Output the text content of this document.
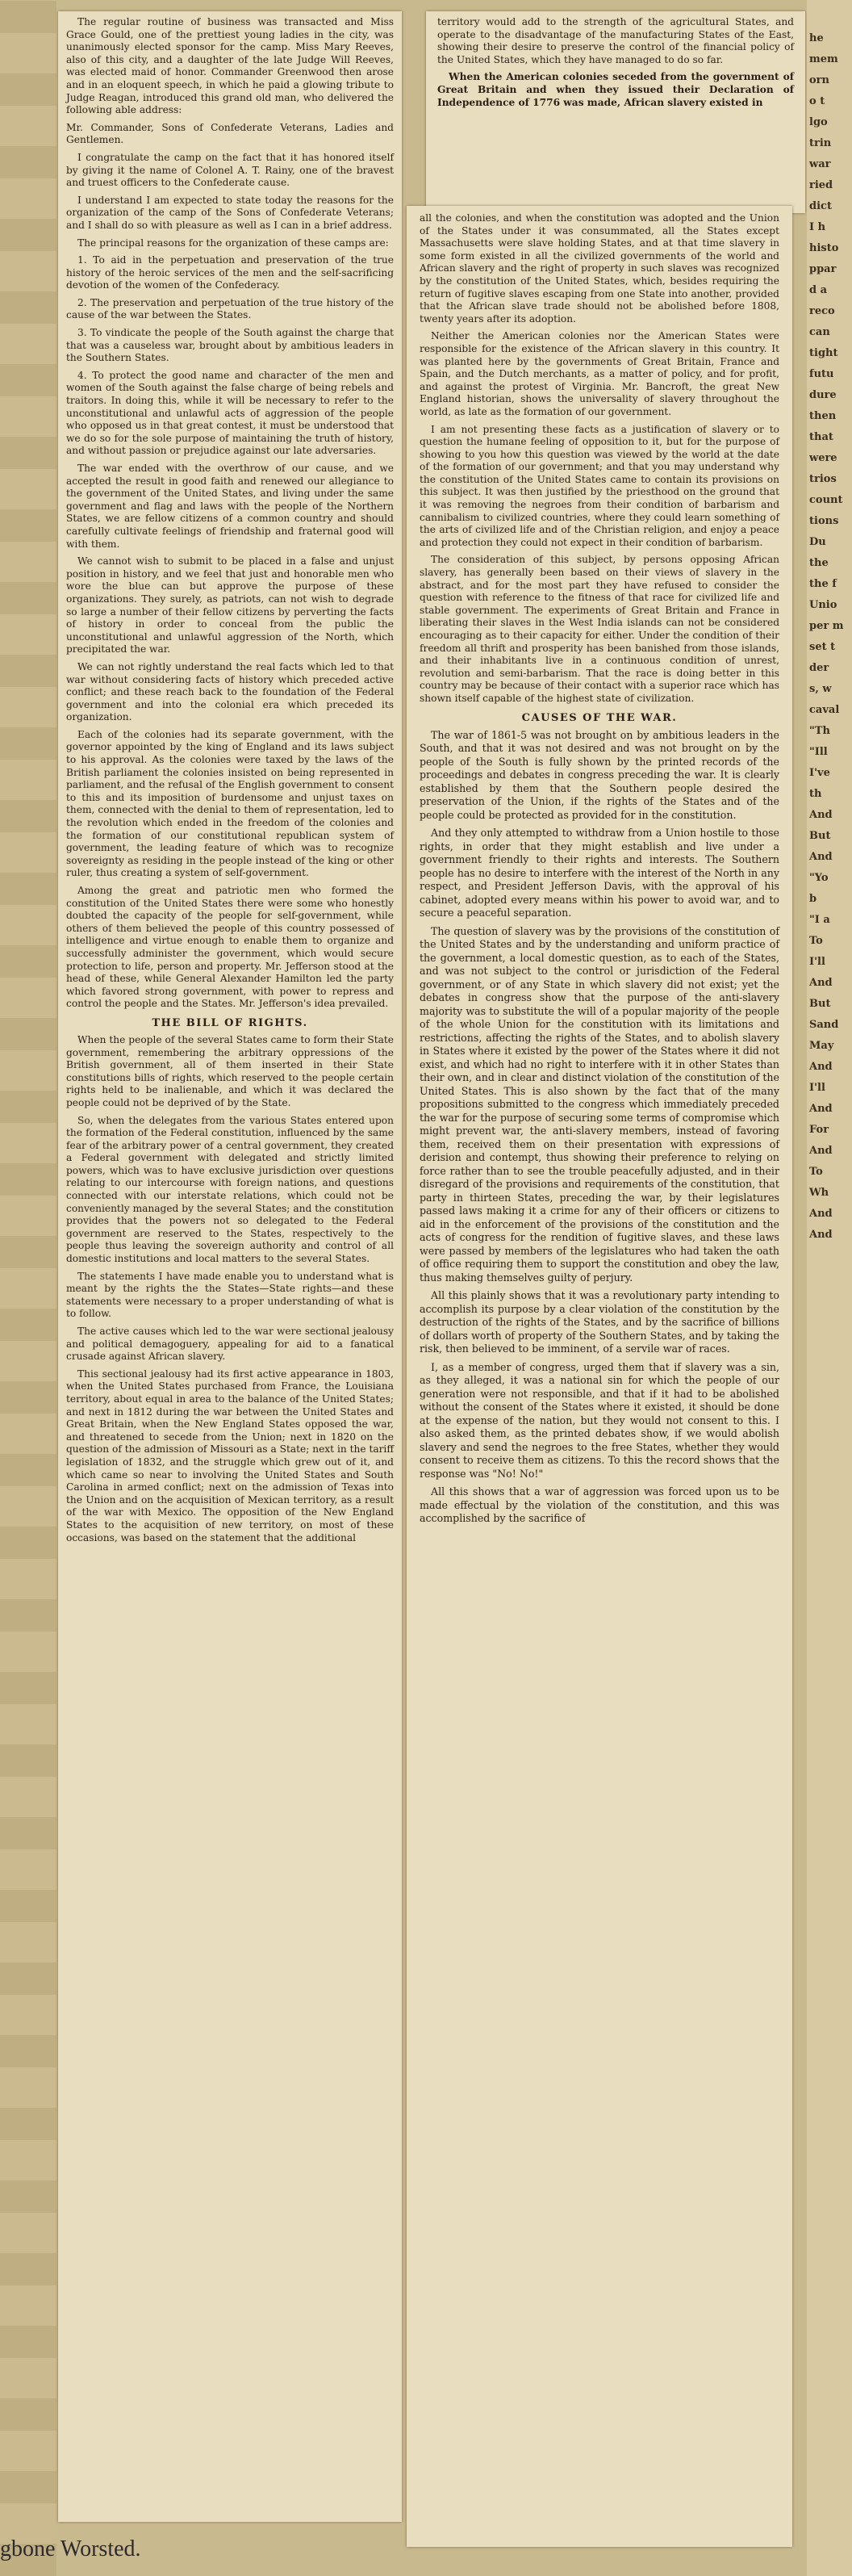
The regular routine of business was transacted and Miss Grace Gould, one of the prettiest young ladies in the city, was unanimously elected sponsor for the camp. Miss Mary Reeves, also of this city, and a daughter of the late Judge Will Reeves, was elected maid of honor. Commander Greenwood then arose and in an eloquent speech, in which he paid a glowing tribute to Judge Reagan, introduced this grand old man, who delivered the following able address:

Mr. Commander, Sons of Confederate Veterans, Ladies and Gentlemen.

I congratulate the camp on the fact that it has honored itself by giving it the name of Colonel A. T. Rainy, one of the bravest and truest officers to the Confederate cause.

I understand I am expected to state today the reasons for the organization of the camp of the Sons of Confederate Veterans; and I shall do so with pleasure as well as I can in a brief address.

The principal reasons for the organization of these camps are:

1. To aid in the perpetuation and preservation of the true history of the heroic services of the men and the self-sacrificing devotion of the women of the Confederacy.

2. The preservation and perpetuation of the true history of the cause of the war between the States.

3. To vindicate the people of the South against the charge that that was a causeless war, brought about by ambitious leaders in the Southern States.

4. To protect the good name and character of the men and women of the South against the false charge of being rebels and traitors. In doing this, while it will be necessary to refer to the unconstitutional and unlawful acts of aggression of the people who opposed us in that great contest, it must be understood that we do so for the sole purpose of maintaining the truth of history, and without passion or prejudice against our late adversaries.

The war ended with the overthrow of our cause, and we accepted the result in good faith and renewed our allegiance to the government of the United States, and living under the same government and flag and laws with the people of the Northern States, we are fellow citizens of a common country and should carefully cultivate feelings of friendship and fraternal good will with them.

We cannot wish to submit to be placed in a false and unjust position in history, and we feel that just and honorable men who wore the blue can but approve the purpose of these organizations. They surely, as patriots, can not wish to degrade so large a number of their fellow citizens by perverting the facts of history in order to conceal from the public the unconstitutional and unlawful aggression of the North, which precipitated the war.

We can not rightly understand the real facts which led to that war without considering facts of history which preceded active conflict; and these reach back to the foundation of the Federal government and into the colonial era which preceded its organization.

Each of the colonies had its separate government, with the governor appointed by the king of England and its laws subject to his approval. As the colonies were taxed by the laws of the British parliament the colonies insisted on being represented in parliament, and the refusal of the English government to consent to this and its imposition of burdensome and unjust taxes on them, connected with the denial to them of representation, led to the revolution which ended in the freedom of the colonies and the formation of our constitutional republican system of government, the leading feature of which was to recognize sovereignty as residing in the people instead of the king or other ruler, thus creating a system of self-government.

Among the great and patriotic men who formed the constitution of the United States there were some who honestly doubted the capacity of the people for self-government, while others of them believed the people of this country possessed of intelligence and virtue enough to enable them to organize and successfully administer the government, which would secure protection to life, person and property. Mr. Jefferson stood at the head of these, while General Alexander Hamilton led the party which favored strong government, with power to repress and control the people and the States. Mr. Jefferson's idea prevailed.

THE BILL OF RIGHTS.

When the people of the several States came to form their State government, remembering the arbitrary oppressions of the British government, all of them inserted in their State constitutions bills of rights, which reserved to the people certain rights held to be inalienable, and which it was declared the people could not be deprived of by the State.

So, when the delegates from the various States entered upon the formation of the Federal constitution, influenced by the same fear of the arbitrary power of a central government, they created a Federal government with delegated and strictly limited powers, which was to have exclusive jurisdiction over questions relating to our intercourse with foreign nations, and questions connected with our interstate relations, which could not be conveniently managed by the several States; and the constitution provides that the powers not so delegated to the Federal government are reserved to the States, respectively to the people thus leaving the sovereign authority and control of all domestic institutions and local matters to the several States.

The statements I have made enable you to understand what is meant by the rights the the States—State rights—and these statements were necessary to a proper understanding of what is to follow.

The active causes which led to the war were sectional jealousy and political demagoguery, appealing for aid to a fanatical crusade against African slavery.

This sectional jealousy had its first active appearance in 1803, when the United States purchased from France, the Louisiana territory, about equal in area to the balance of the United States; and next in 1812 during the war between the United States and Great Britain, when the New England States opposed the war, and threatened to secede from the Union; next in 1820 on the question of the admission of Missouri as a State; next in the tariff legislation of 1832, and the struggle which grew out of it, and which came so near to involving the United States and South Carolina in armed conflict; next on the admission of Texas into the Union and on the acquisition of Mexican territory, as a result of the war with Mexico. The opposition of the New England States to the acquisition of new territory, on most of these occasions, was based on the statement that the additional

territory would add to the strength of the agricultural States, and operate to the disadvantage of the manufacturing States of the East, showing their desire to preserve the control of the financial policy of the United States, which they have managed to do so far.

When the American colonies seceded from the government of Great Britain and when they issued their Declaration of Independence of 1776 was made, African slavery existed in

all the colonies, and when the constitution was adopted and the Union of the States under it was consummated, all the States except Massachusetts were slave holding States, and at that time slavery in some form existed in all the civilized governments of the world and African slavery and the right of property in such slaves was recognized by the constitution of the United States, which, besides requiring the return of fugitive slaves escaping from one State into another, provided that the African slave trade should not be abolished before 1808, twenty years after its adoption.

Neither the American colonies nor the American States were responsible for the existence of the African slavery in this country. It was planted here by the governments of Great Britain, France and Spain, and the Dutch merchants, as a matter of policy, and for profit, and against the protest of Virginia. Mr. Bancroft, the great New England historian, shows the universality of slavery throughout the world, as late as the formation of our government.

I am not presenting these facts as a justification of slavery or to question the humane feeling of opposition to it, but for the purpose of showing to you how this question was viewed by the world at the date of the formation of our government; and that you may understand why the constitution of the United States came to contain its provisions on this subject. It was then justified by the priesthood on the ground that it was removing the negroes from their condition of barbarism and cannibalism to civilized countries, where they could learn something of the arts of civilized life and of the Christian religion, and enjoy a peace and protection they could not expect in their condition of barbarism.

The consideration of this subject, by persons opposing African slavery, has generally been based on their views of slavery in the abstract, and for the most part they have refused to consider the question with reference to the fitness of that race for civilized life and stable government. The experiments of Great Britain and France in liberating their slaves in the West India islands can not be considered encouraging as to their capacity for either. Under the condition of their freedom all thrift and prosperity has been banished from those islands, and their inhabitants live in a continuous condition of unrest, revolution and semi-barbarism. That the race is doing better in this country may be because of their contact with a superior race which has shown itself capable of the highest state of civilization.

CAUSES OF THE WAR.

The war of 1861-5 was not brought on by ambitious leaders in the South, and that it was not desired and was not brought on by the people of the South is fully shown by the printed records of the proceedings and debates in congress preceding the war. It is clearly established by them that the Southern people desired the preservation of the Union, if the rights of the States and of the people could be protected as provided for in the constitution.

And they only attempted to withdraw from a Union hostile to those rights, in order that they might establish and live under a government friendly to their rights and interests. The Southern people has no desire to interfere with the interest of the North in any respect, and President Jefferson Davis, with the approval of his cabinet, adopted every means within his power to avoid war, and to secure a peaceful separation.

The question of slavery was by the provisions of the constitution of the United States and by the understanding and uniform practice of the government, a local domestic question, as to each of the States, and was not subject to the control or jurisdiction of the Federal government, or of any State in which slavery did not exist; yet the debates in congress show that the purpose of the anti-slavery majority was to substitute the will of a popular majority of the people of the whole Union for the constitution with its limitations and restrictions, affecting the rights of the States, and to abolish slavery in States where it existed by the power of the States where it did not exist, and which had no right to interfere with it in other States than their own, and in clear and distinct violation of the constitution of the United States. This is also shown by the fact that of the many propositions submitted to the congress which immediately preceded the war for the purpose of securing some terms of compromise which might prevent war, the anti-slavery members, instead of favoring them, received them on their presentation with expressions of derision and contempt, thus showing their preference to relying on force rather than to see the trouble peacefully adjusted, and in their disregard of the provisions and requirements of the constitution, that party in thirteen States, preceding the war, by their legislatures passed laws making it a crime for any of their officers or citizens to aid in the enforcement of the provisions of the constitution and the acts of congress for the rendition of fugitive slaves, and these laws were passed by members of the legislatures who had taken the oath of office requiring them to support the constitution and obey the law, thus making themselves guilty of perjury.

All this plainly shows that it was a revolutionary party intending to accomplish its purpose by a clear violation of the constitution by the destruction of the rights of the States, and by the sacrifice of billions of dollars worth of property of the Southern States, and by taking the risk, then believed to be imminent, of a servile war of races.

I, as a member of congress, urged them that if slavery was a sin, as they alleged, it was a national sin for which the people of our generation were not responsible, and that if it had to be abolished without the consent of the States where it existed, it should be done at the expense of the nation, but they would not consent to this. I also asked them, as the printed debates show, if we would abolish slavery and send the negroes to the free States, whether they would consent to receive them as citizens. To this the record shows that the response was "No! No!"

All this shows that a war of aggression was forced upon us to be made effectual by the violation of the constitution, and this was accomplished by the sacrifice of

he
mem
orn
o t
lgo
trin
war
ried
dict
I h
histo
ppar
d a
reco
can
tight
futu
dure
then
that
were
trios
count
tions
Du
the
the f
Unio
per m
set t
der
s, w
caval
"Th
"Ill
I've
th
And
But
And
"Yo
b
"I a
To
I'll
And
But
Sand
May
And
I'll
And
For
And
To
Wh
And
And
gbone Worsted.
